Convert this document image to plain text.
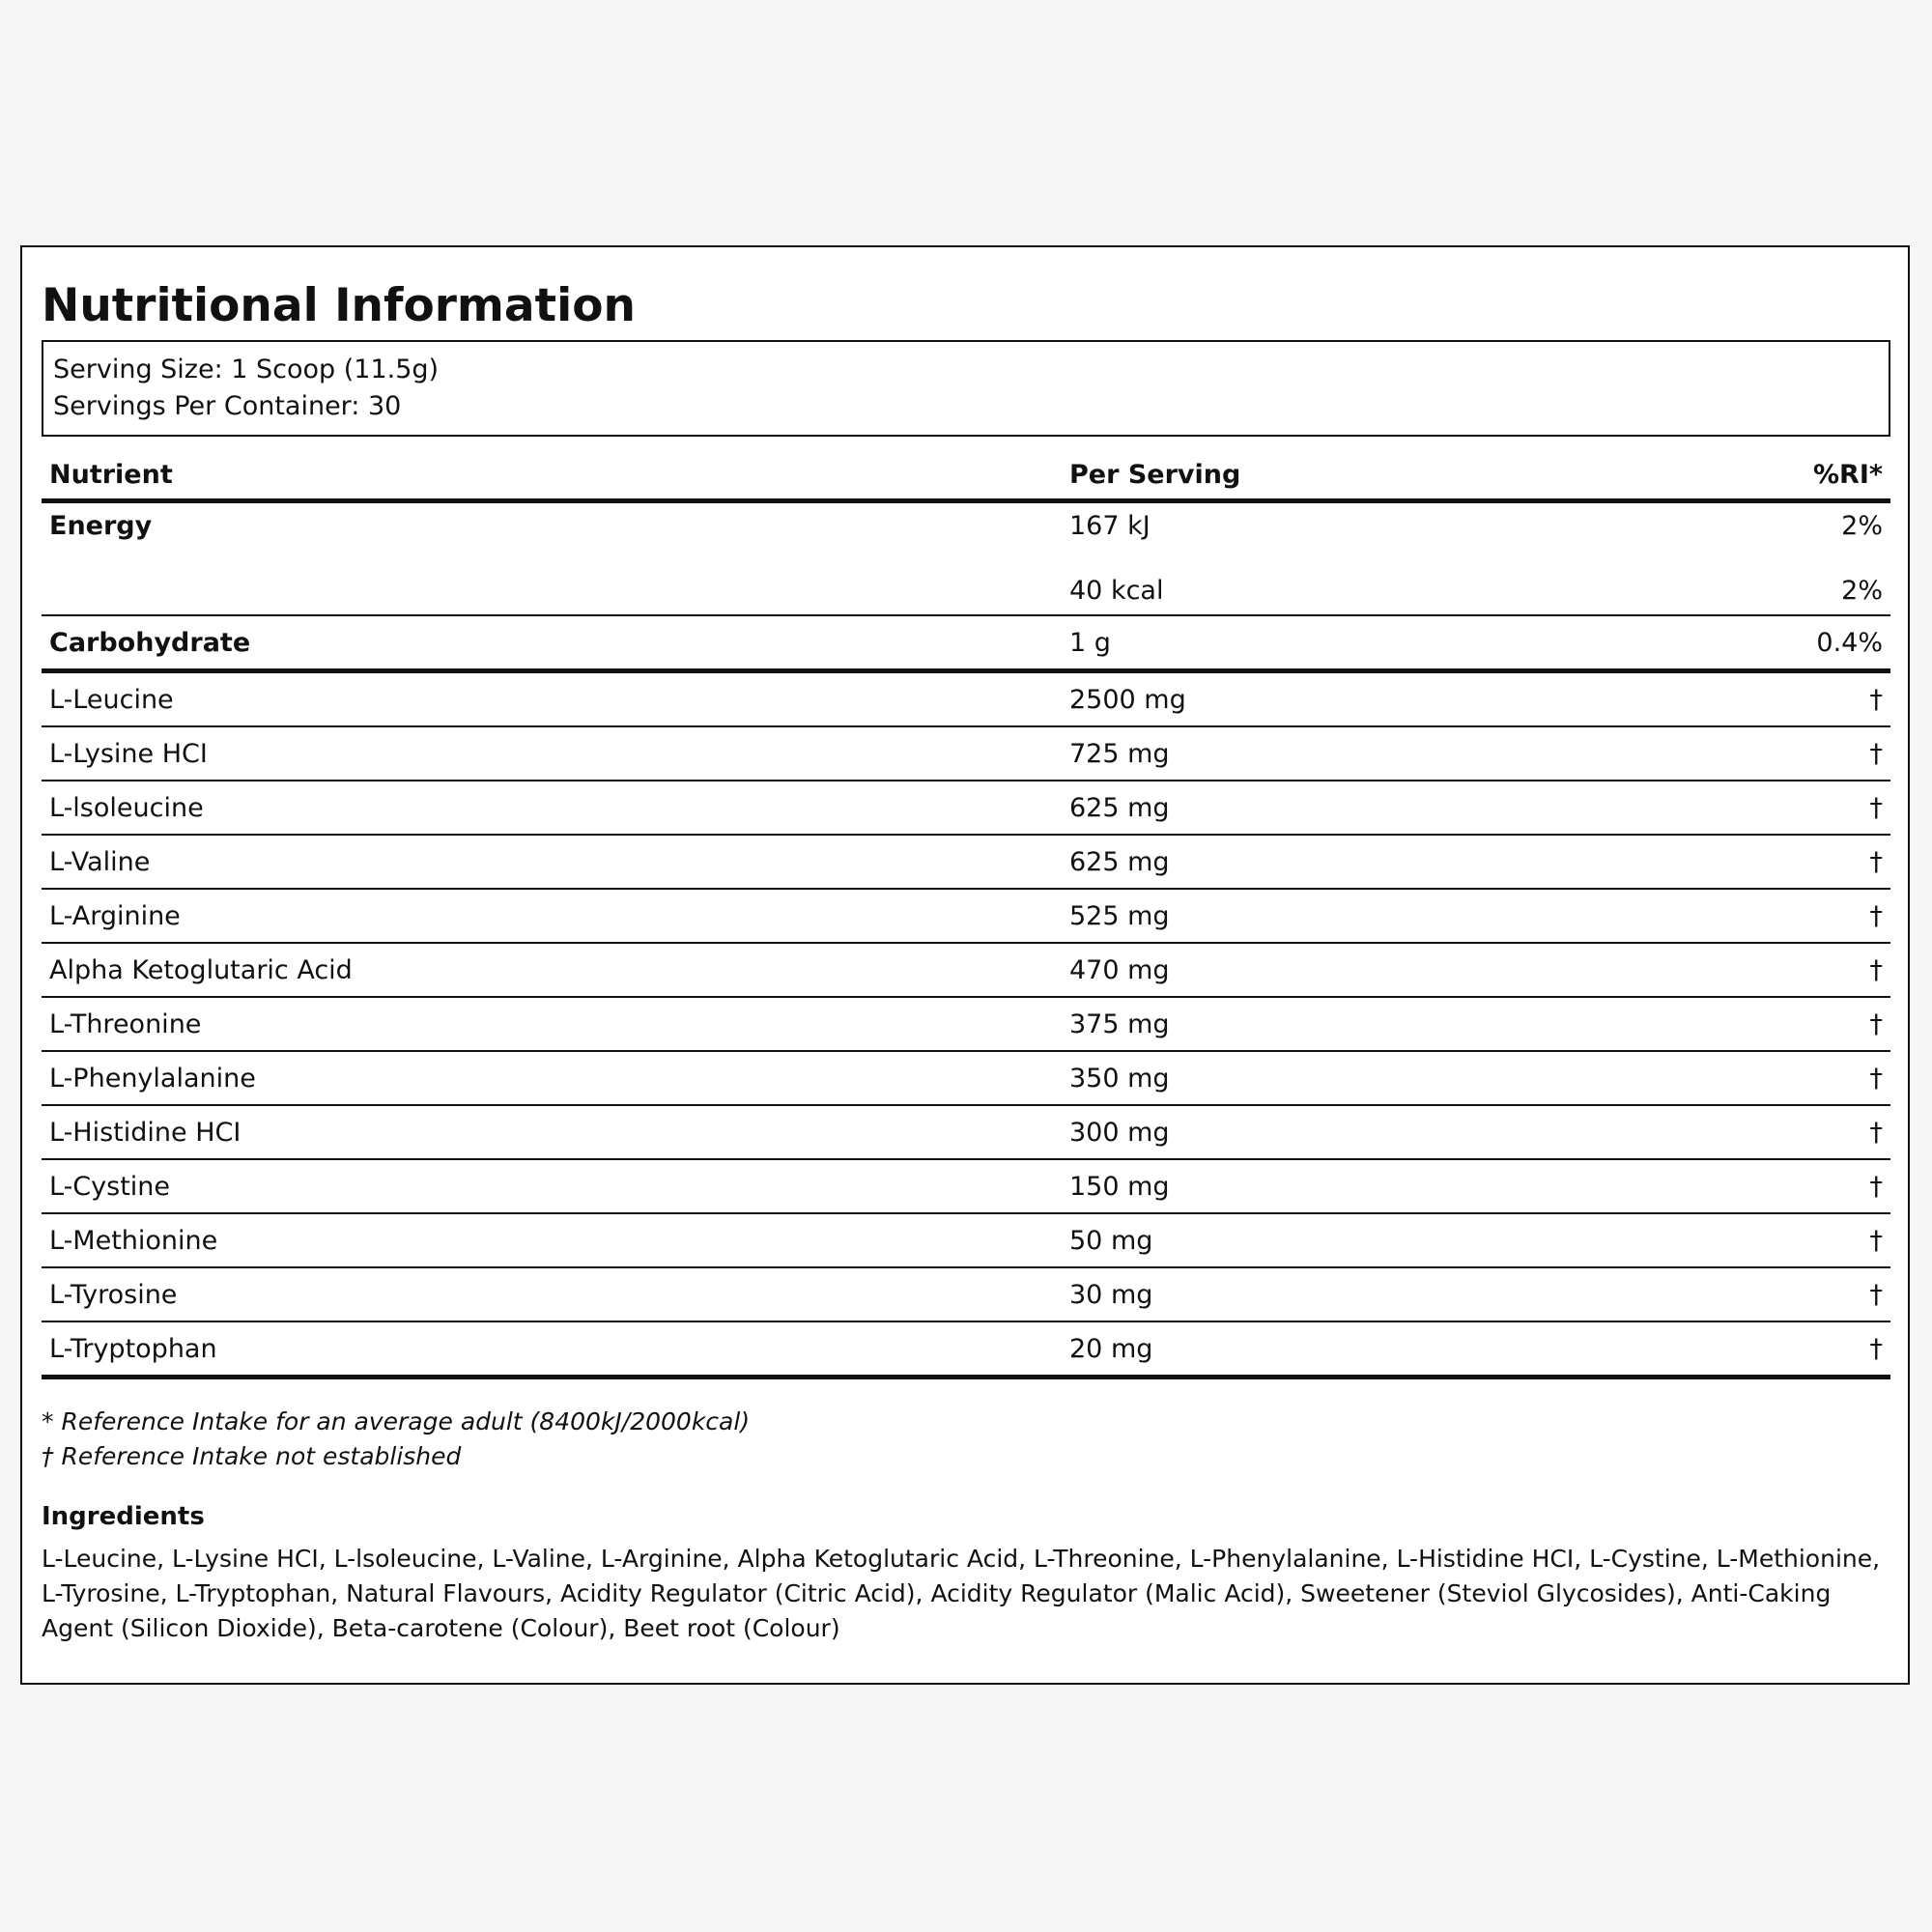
Nutritional Information
Serving Size: 1 Scoop (11.5g)
Servings Per Container: 30
Nutrient	Per Serving	%RI*
Energy	167 kJ	2%
	40 kcal	2%
Carbohydrate	1 g	0.4%
L-Leucine	2500 mg	†
L-Lysine HCI	725 mg	†
L-lsoleucine	625 mg	†
L-Valine	625 mg	†
L-Arginine	525 mg	†
Alpha Ketoglutaric Acid	470 mg	†
L-Threonine	375 mg	†
L-Phenylalanine	350 mg	†
L-Histidine HCI	300 mg	†
L-Cystine	150 mg	†
L-Methionine	50 mg	†
L-Tyrosine	30 mg	†
L-Tryptophan	20 mg	†
* Reference Intake for an average adult (8400kJ/2000kcal)
† Reference Intake not established
Ingredients
L-Leucine, L-Lysine HCI, L-lsoleucine, L-Valine, L-Arginine, Alpha Ketoglutaric Acid, L-Threonine, L-Phenylalanine, L-Histidine HCI, L-Cystine, L-Methionine, L-Tyrosine, L-Tryptophan, Natural Flavours, Acidity Regulator (Citric Acid), Acidity Regulator (Malic Acid), Sweetener (Steviol Glycosides), Anti-Caking Agent (Silicon Dioxide), Beta-carotene (Colour), Beet root (Colour)
